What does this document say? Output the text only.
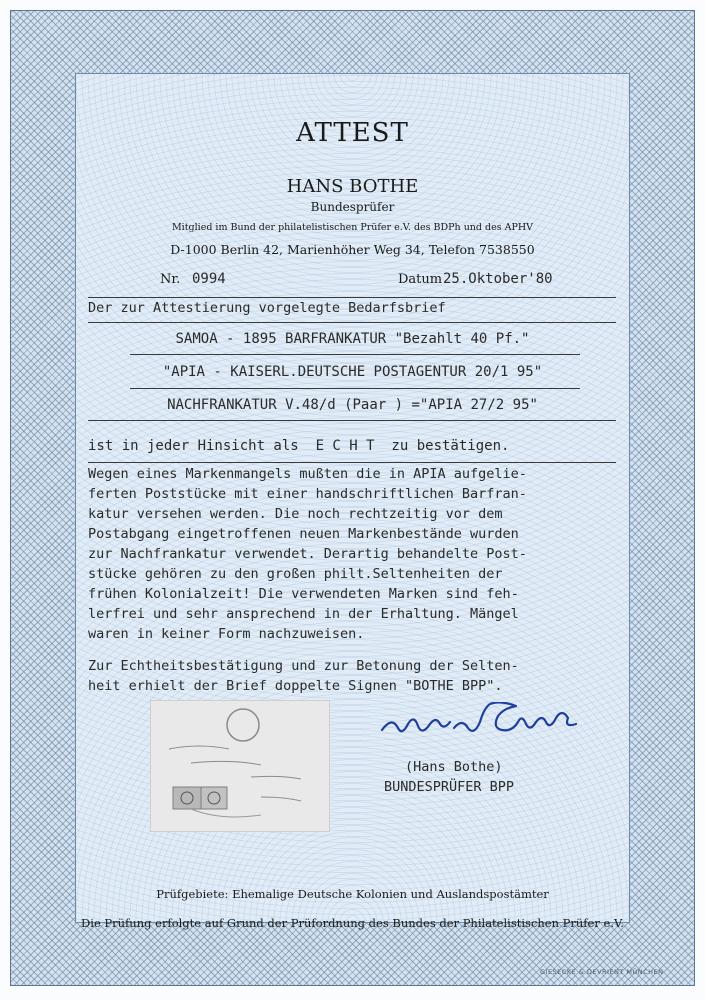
ATTEST
HANS BOTHE
Bundesprüfer
Mitglied im Bund der philatelistischen Prüfer e.V. des BDPh und des APHV
D-1000 Berlin 42, Marienhöher Weg 34, Telefon 7538550
Nr. 0994	Datum 25.Oktober'80
Der zur Attestierung vorgelegte Bedarfsbrief
SAMOA - 1895 BARFRANKATUR "Bezahlt 40 Pf."
"APIA - KAISERL.DEUTSCHE POSTAGENTUR 20/1 95"
NACHFRANKATUR V.48/d (Paar ) ="APIA 27/2 95"
ist in jeder Hinsicht als  E C H T  zu bestätigen.
Wegen eines Markenmangels mußten die in APIA aufgelie-
ferten Poststücke mit einer handschriftlichen Barfran-
katur versehen werden. Die noch rechtzeitig vor dem
Postabgang eingetroffenen neuen Markenbestände wurden
zur Nachfrankatur verwendet. Derartig behandelte Post-
stücke gehören zu den großen philt.Seltenheiten der
frühen Kolonialzeit! Die verwendeten Marken sind feh-
lerfrei und sehr ansprechend in der Erhaltung. Mängel
waren in keiner Form nachzuweisen.
Zur Echtheitsbestätigung und zur Betonung der Selten-
heit erhielt der Brief doppelte Signen "BOTHE BPP".
(Hans Bothe)
BUNDESPRÜFER BPP
Prüfgebiete: Ehemalige Deutsche Kolonien und Auslandspostämter
Die Prüfung erfolgte auf Grund der Prüfordnung des Bundes der Philatelistischen Prüfer e.V.
GIESECKE & DEVRIENT MÜNCHEN
